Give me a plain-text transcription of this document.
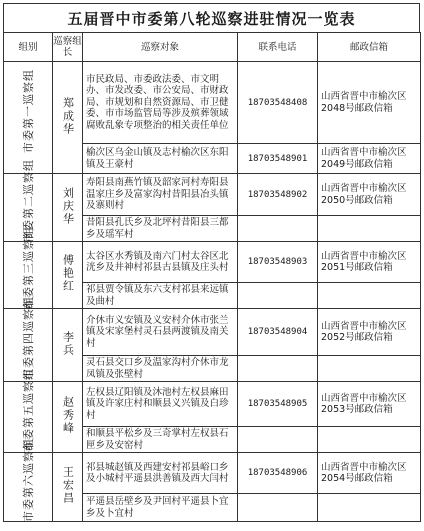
五届晋中市委第八轮巡察进驻情况一览表
组别	巡察组长	巡察对象	联系电话	邮政信箱

市委第一巡察组	郑成华	市民政局、市委政法委、市文明办、市发改委、市公安局、市财政局、市规划和自然资源局、市卫健委、市市场监管局等涉及殡葬领域腐败乱象专项整治的相关责任单位	18703548408	山西省晋中市榆次区2048号邮政信箱
		榆次区乌金山镇及志村榆次区东阳镇及王豪村	18703548901	山西省晋中市榆次区2049号邮政信箱

市委第二巡察组	刘庆华	寿阳县南燕竹镇及韶家河村寿阳县温家庄乡及富家沟村昔阳县冶头镇及寨则村	18703548902	山西省晋中市榆次区2050号邮政信箱
		昔阳县孔氏乡及北坪村昔阳县三都乡及瑶军村		

市委第三巡察组	傅艳红	太谷区水秀镇及南六门村太谷区北洸乡及井神村祁县古县镇及庄头村	18703548903	山西省晋中市榆次区2051号邮政信箱
		祁县贾令镇及东六支村祁县来远镇及曲村		

市委第四巡察组	李兵	介休市义安镇及义安村介休市张兰镇及宋家堡村灵石县两渡镇及南关村	18703548904	山西省晋中市榆次区2052号邮政信箱
		灵石县交口乡及温家沟村介休市龙凤镇及张壁村		

市委第五巡察组	赵秀峰	左权县辽阳镇及沐池村左权县麻田镇及许家庄村和顺县义兴镇及白珍村	18703548905	山西省晋中市榆次区2053号邮政信箱
		和顺县平松乡及三奇掌村左权县石匣乡及安窑村		

市委第六巡察组	王宏昌	祁县城赵镇及西建安村祁县峪口乡及小城村平遥县洪善镇及西大闫村	18703548906	山西省晋中市榆次区2054号邮政信箱
		平遥县岳壁乡及尹回村平遥县卜宜乡及卜宜村		
